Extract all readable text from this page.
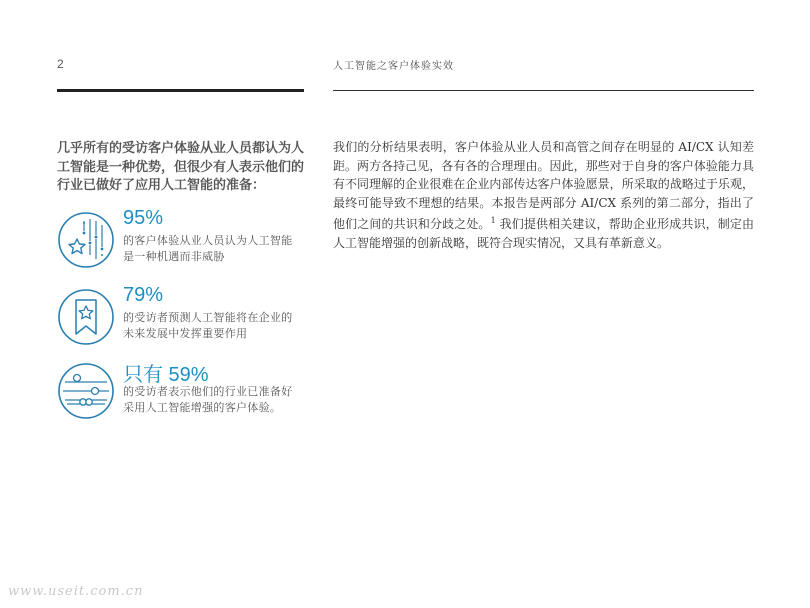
2	人工智能之客户体验实效
几乎所有的受访客户体验从业人员都认为人工智能是一种优势，但很少有人表示他们的行业已做好了应用人工智能的准备：
95%
的客户体验从业人员认为人工智能是一种机遇而非威胁
79%
的受访者预测人工智能将在企业的未来发展中发挥重要作用
只有 59%
的受访者表示他们的行业已准备好采用人工智能增强的客户体验。
我们的分析结果表明，客户体验从业人员和高管之间存在明显的 AI/CX 认知差距。两方各持己见，各有各的合理理由。因此，那些对于自身的客户体验能力具有不同理解的企业很难在企业内部传达客户体验愿景，所采取的战略过于乐观，最终可能导致不理想的结果。本报告是两部分 AI/CX 系列的第二部分，指出了他们之间的共识和分歧之处。$^1$ 我们提供相关建议，帮助企业形成共识，制定由人工智能增强的创新战略，既符合现实情况，又具有革新意义。
www.useit.com.cn
